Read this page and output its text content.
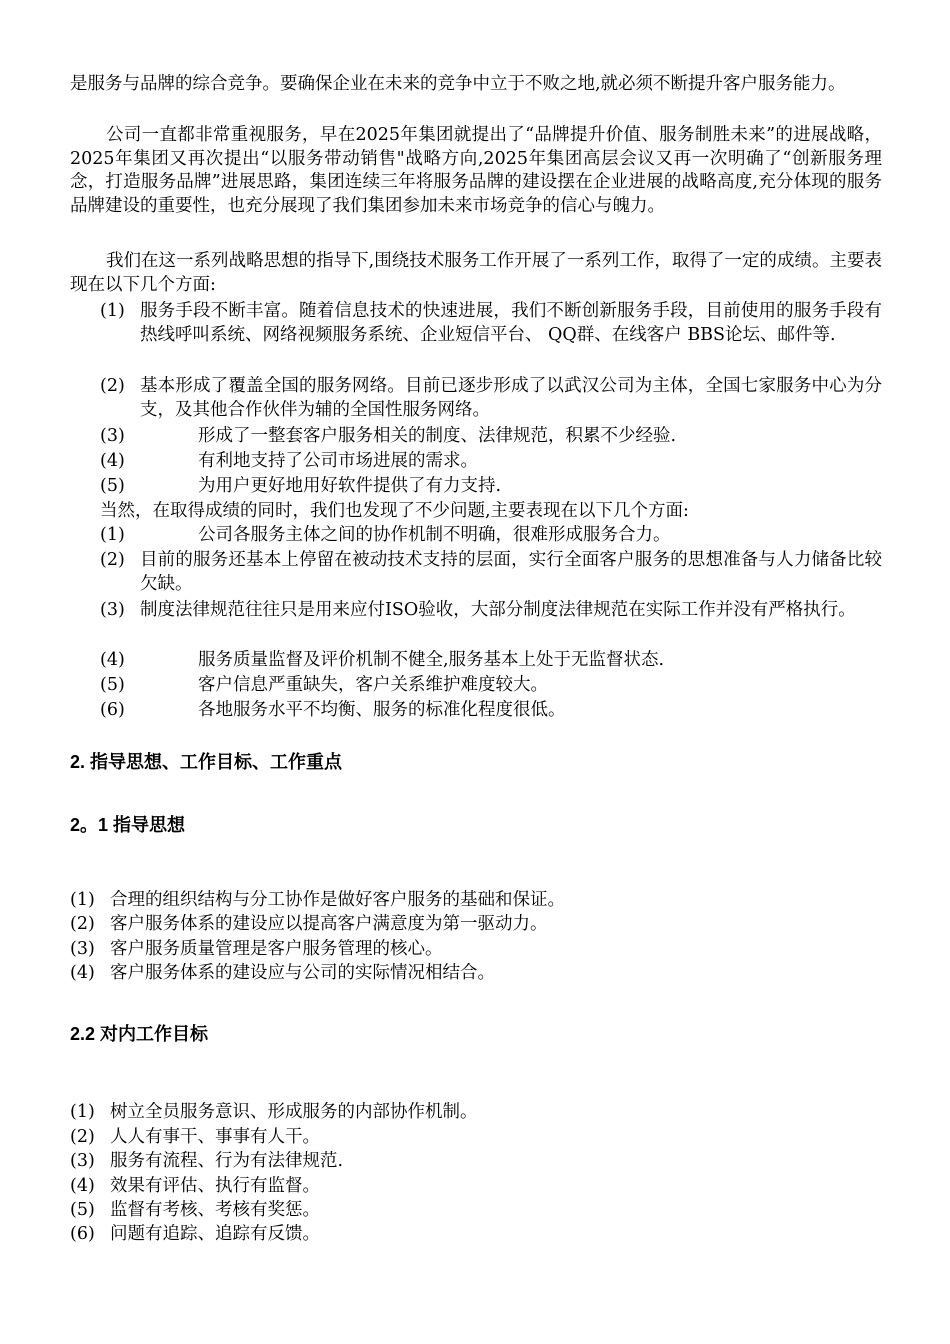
是服务与品牌的综合竞争。要确保企业在未来的竞争中立于不败之地,就必须不断提升客户服务能力。
公司一直都非常重视服务，早在2025年集团就提出了“品牌提升价值、服务制胜未来”的进展战略，2025年集团又再次提出“以服务带动销售"战略方向,2025年集团高层会议又再一次明确了“创新服务理念，打造服务品牌”进展思路，集团连续三年将服务品牌的建设摆在企业进展的战略高度,充分体现的服务品牌建设的重要性，也充分展现了我们集团参加未来市场竞争的信心与魄力。
我们在这一系列战略思想的指导下,围绕技术服务工作开展了一系列工作，取得了一定的成绩。主要表现在以下几个方面:
(1) 服务手段不断丰富。随着信息技术的快速进展，我们不断创新服务手段，目前使用的服务手段有热线呼叫系统、网络视频服务系统、企业短信平台、 QQ群、在线客户 BBS论坛、邮件等.
(2) 基本形成了覆盖全国的服务网络。目前已逐步形成了以武汉公司为主体，全国七家服务中心为分支，及其他合作伙伴为辅的全国性服务网络。
(3)	形成了一整套客户服务相关的制度、法律规范，积累不少经验.
(4)	有利地支持了公司市场进展的需求。
(5)	为用户更好地用好软件提供了有力支持.
当然，在取得成绩的同时，我们也发现了不少问题,主要表现在以下几个方面:
(1)	公司各服务主体之间的协作机制不明确，很难形成服务合力。
(2) 目前的服务还基本上停留在被动技术支持的层面，实行全面客户服务的思想准备与人力储备比较欠缺。
(3) 制度法律规范往往只是用来应付ISO验收，大部分制度法律规范在实际工作并没有严格执行。
(4)	服务质量监督及评价机制不健全,服务基本上处于无监督状态.
(5)	客户信息严重缺失，客户关系维护难度较大。
(6)	各地服务水平不均衡、服务的标准化程度很低。
2. 指导思想、工作目标、工作重点
2。1 指导思想
(1) 合理的组织结构与分工协作是做好客户服务的基础和保证。
(2) 客户服务体系的建设应以提高客户满意度为第一驱动力。
(3) 客户服务质量管理是客户服务管理的核心。
(4) 客户服务体系的建设应与公司的实际情况相结合。
2.2 对内工作目标
(1) 树立全员服务意识、形成服务的内部协作机制。
(2) 人人有事干、事事有人干。
(3) 服务有流程、行为有法律规范.
(4) 效果有评估、执行有监督。
(5) 监督有考核、考核有奖惩。
(6) 问题有追踪、追踪有反馈。
